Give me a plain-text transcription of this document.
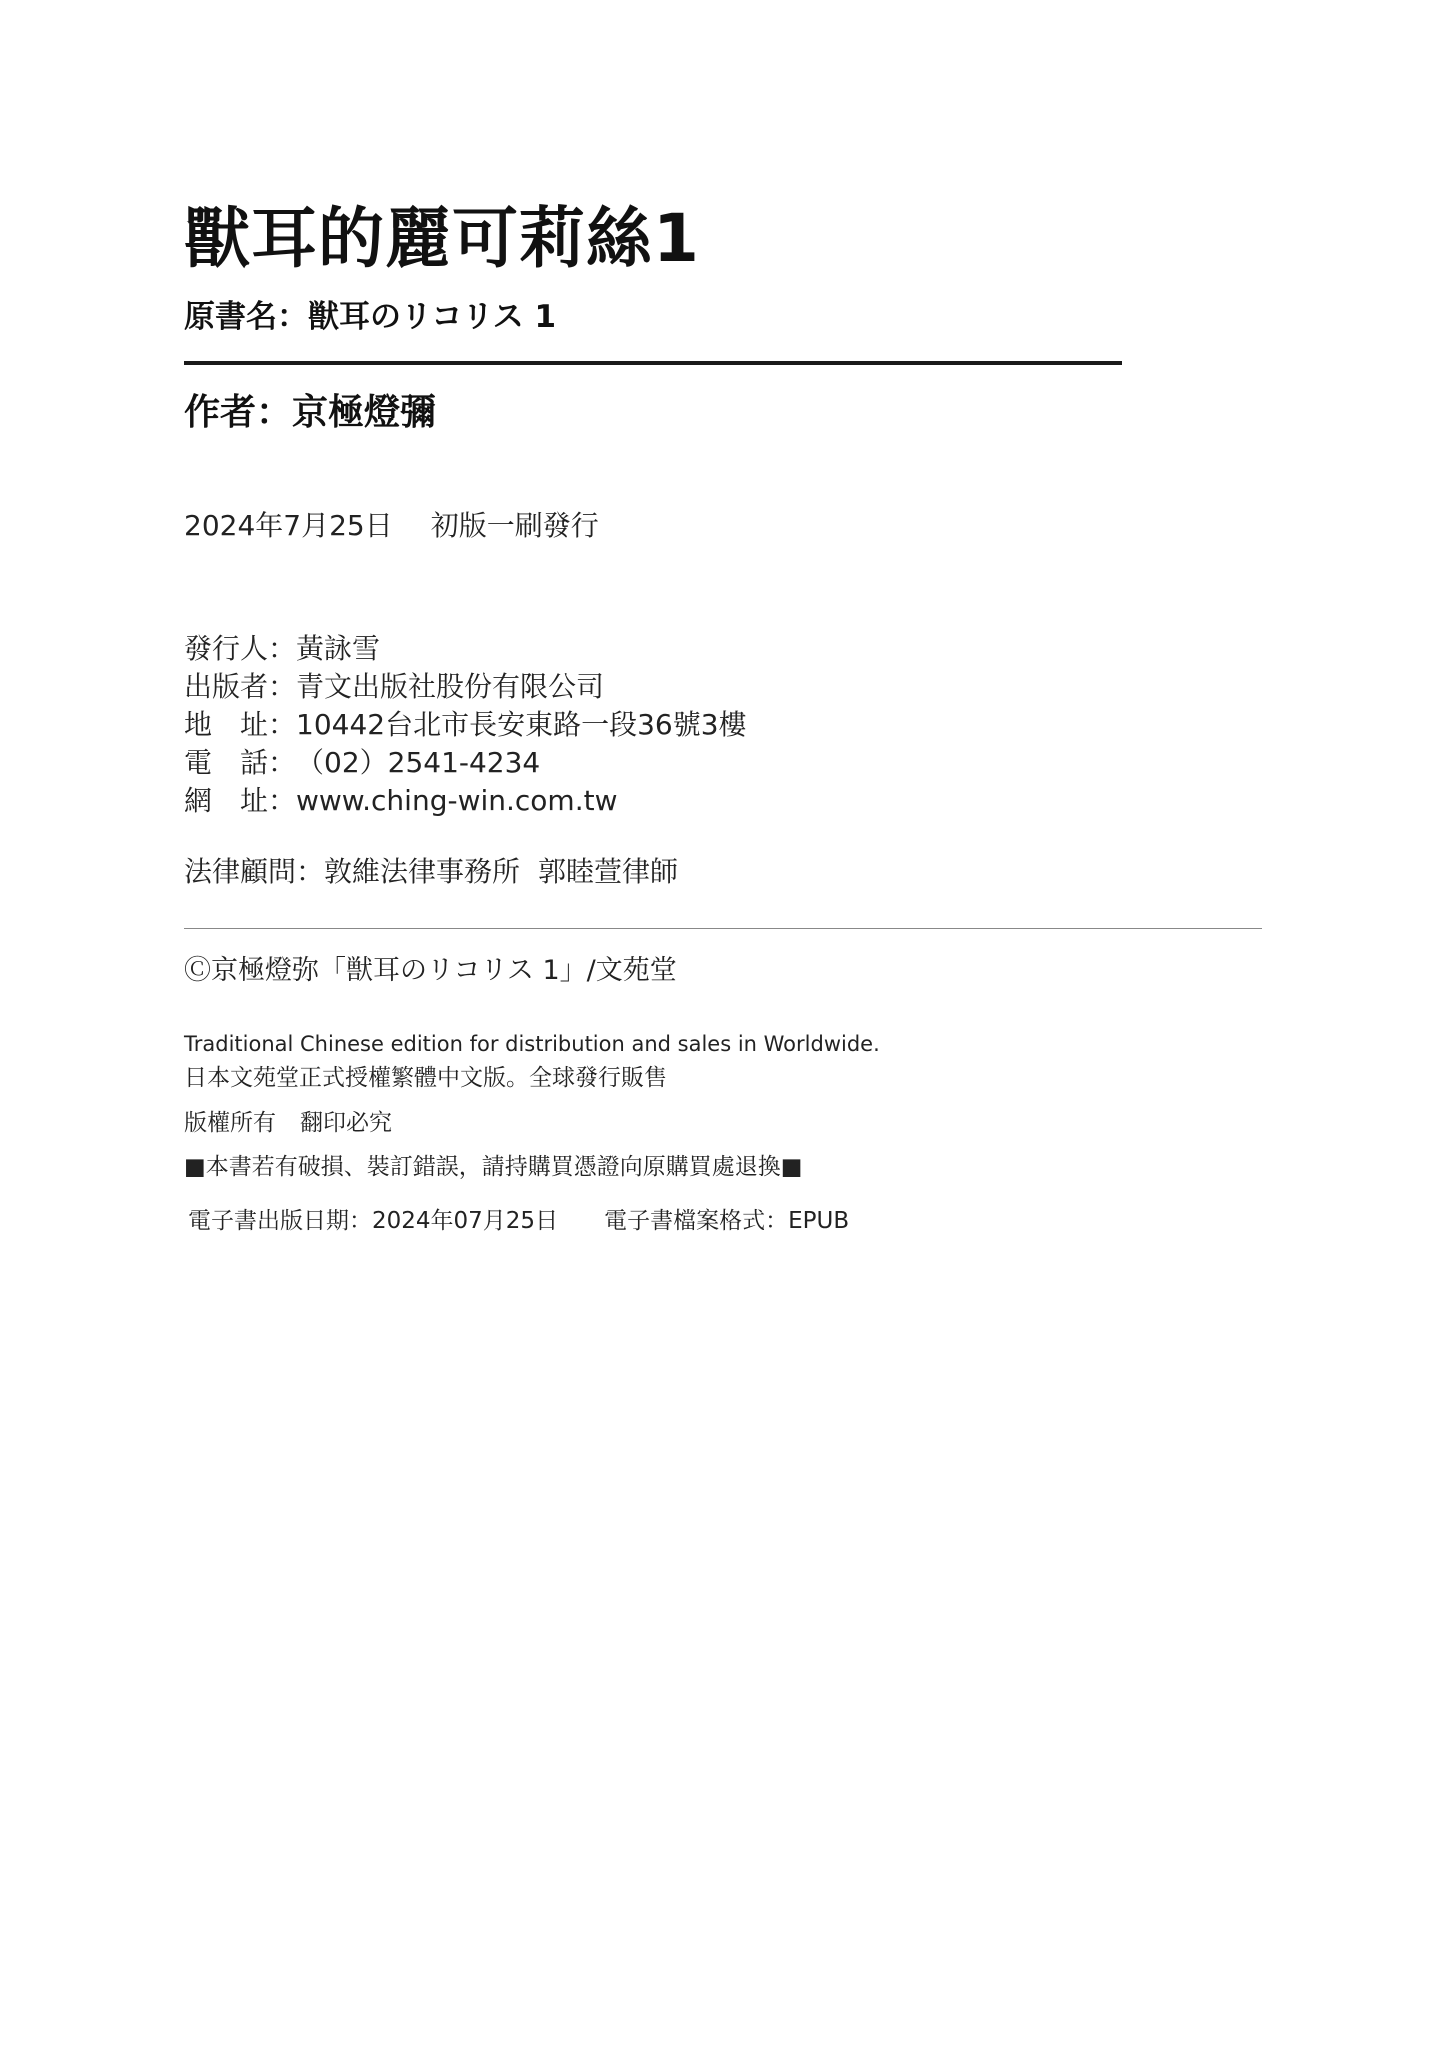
獸耳的麗可莉絲1
原書名：獣耳のリコリス 1
作者：京極燈彌
2024年7月25日 初版一刷發行
發行人：黃詠雪
出版者：青文出版社股份有限公司
地　址：10442台北市長安東路一段36號3樓
電　話：（02）2541-4234
網　址：www.ching-win.com.tw
法律顧問：敦維法律事務所 郭睦萱律師
Ⓒ京極燈弥「獣耳のリコリス 1」/文苑堂
Traditional Chinese edition for distribution and sales in Worldwide.
日本文苑堂正式授權繁體中文版。全球發行販售
版權所有 翻印必究
■本書若有破損、裝訂錯誤，請持購買憑證向原購買處退換■
電子書出版日期：2024年07月25日 電子書檔案格式：EPUB
